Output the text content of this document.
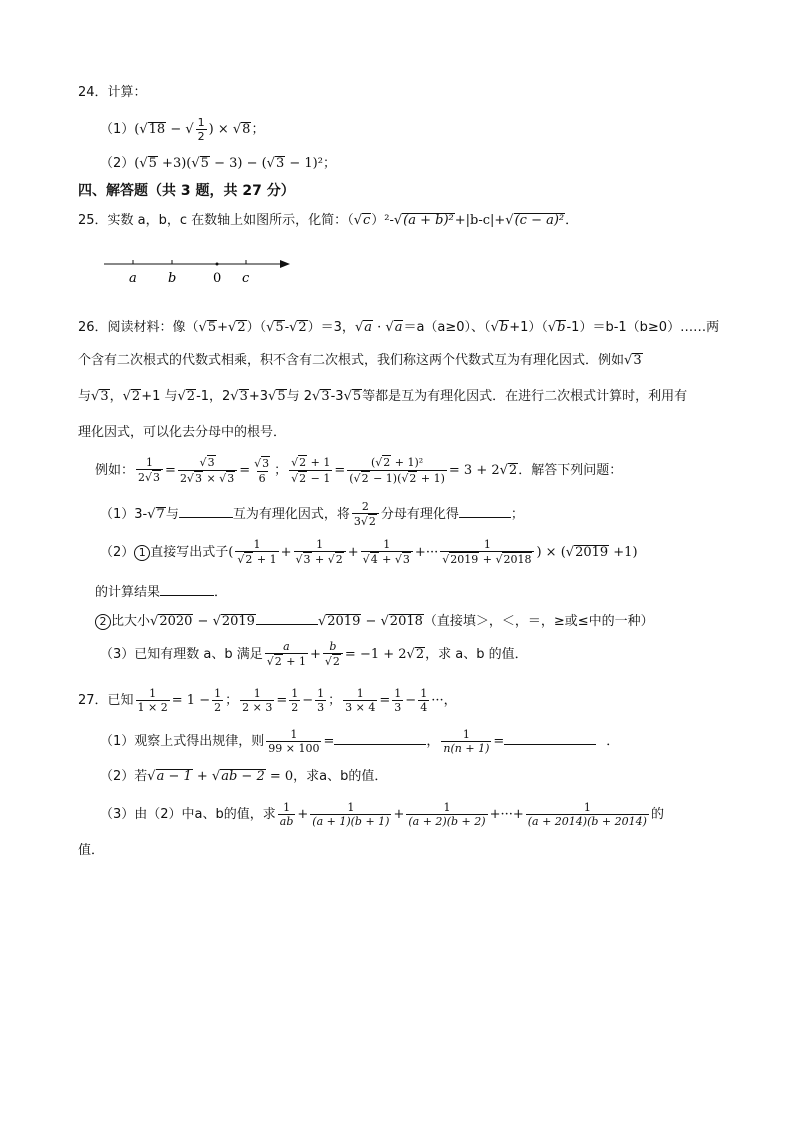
24．计算：
（1）(√18 − √ $\frac{1}{2}$ ) × √8；
（2）(√5 +3)(√5 − 3) − (√3 − 1)²；
四、解答题（共 3 题，共 27 分）
25．实数 a，b，c 在数轴上如图所示，化简：（√c）²-√(a + b)²+|b-c|+√(c − a)²．
a b	0 c
26．阅读材料：像（√5+√2）（√5-√2）＝3，√a · √a＝a（a≥0）、（√b+1）（√b-1）＝b-1（b≥0）……两
个含有二次根式的代数式相乘，积不含有二次根式，我们称这两个代数式互为有理化因式．例如√3
与√3，√2+1 与√2-1，2√3+3√5与 2√3-3√5等都是互为有理化因式．在进行二次根式计算时，利用有
理化因式，可以化去分母中的根号．
例如： $\frac{1}{2√3} = \frac{√3}{2√3 \times √3} = \frac{√3}{6}$ ； $\frac{√2 + 1}{√2 - 1} = \frac{\text{(√2 + 1)²}}{(√2 - 1)(√2 + 1)} = 3 + 2√2$．解答下列问题：
（1）3-√7与	互为有理化因式，将 $\frac{2}{3√2}$ 分母有理化得	；
（2） 1 直接写出式子( $\frac{1}{√2 + 1} + \frac{1}{√3 + √2} + \frac{1}{√4 + √3}$ +··· $\frac{1}{√2019 + √2018}$ ) × (√2019 +1)
的计算结果	．
2 比大小√2020 − √2019	√2019 − √2018（直接填＞，＜，＝，≥或≤中的一种）
（3）已知有理数 a、b 满足 $\frac{a}{√2 + 1} + \frac{b}{√2} = -1 + 2√2$，求 a、b 的值．
27．已知 $\frac{1}{1 \times 2} = 1 - \frac{1}{2}$ ； $\frac{1}{2 \times 3} = \frac{1}{2} - \frac{1}{3}$ ； $\frac{1}{3 \times 4} = \frac{1}{3} - \frac{1}{4}$ ···，
（1）观察上式得出规律，则 $\frac{1}{99 \times 100}$ =	， $\frac{1}{n(n + 1)}$ =	．
（2）若√a − 1 + √ab − 2 = 0，求a、b的值．
（3）由（2）中a、b的值，求 $\frac{1}{ab} + \frac{1}{(a + 1)(b + 1)} + \frac{1}{(a + 2)(b + 2)}$ +···+ $\frac{1}{(a + 2014)(b + 2014)}$ 的
值．
